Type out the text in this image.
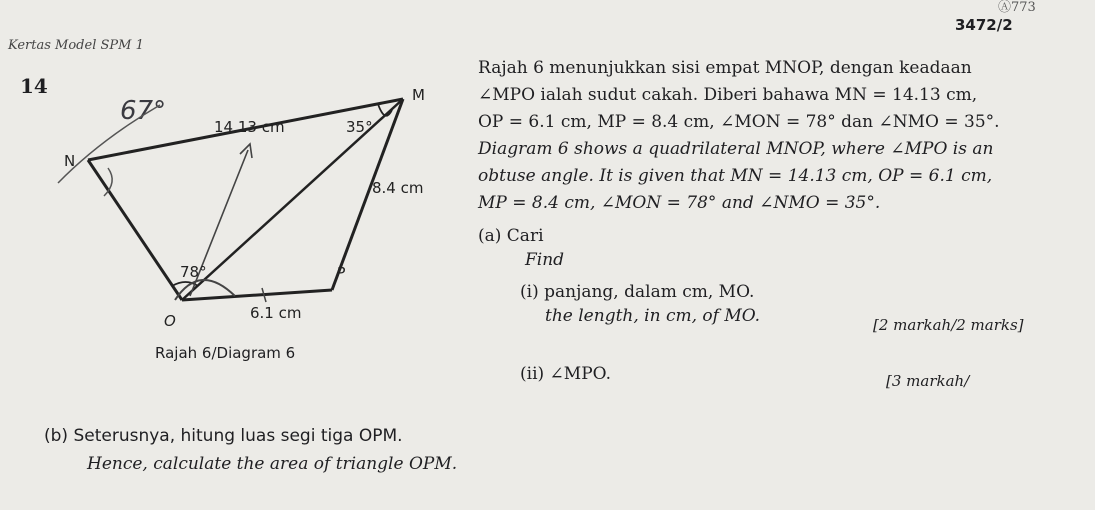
Ⓐ773
3472/2
Kertas Model SPM 1
14
67°
M
N
O
P
14.13 cm
8.4 cm
6.1 cm
35°
78°
Rajah 6/Diagram 6
Rajah 6 menunjukkan sisi empat MNOP, dengan keadaan
∠MPO ialah sudut cakah. Diberi bahawa MN = 14.13 cm,
OP = 6.1 cm, MP = 8.4 cm, ∠MON = 78° dan ∠NMO = 35°.
Diagram 6 shows a quadrilateral MNOP, where ∠MPO is an
obtuse angle. It is given that MN = 14.13 cm, OP = 6.1 cm,
MP = 8.4 cm, ∠MON = 78° and ∠NMO = 35°.
(a) Cari
Find
(i) panjang, dalam cm, MO.
the length, in cm, of MO.	[2 markah/2 marks]
(ii) ∠MPO.	[3 markah/
(b) Seterusnya, hitung luas segi tiga OPM.
Hence, calculate the area of triangle OPM.
